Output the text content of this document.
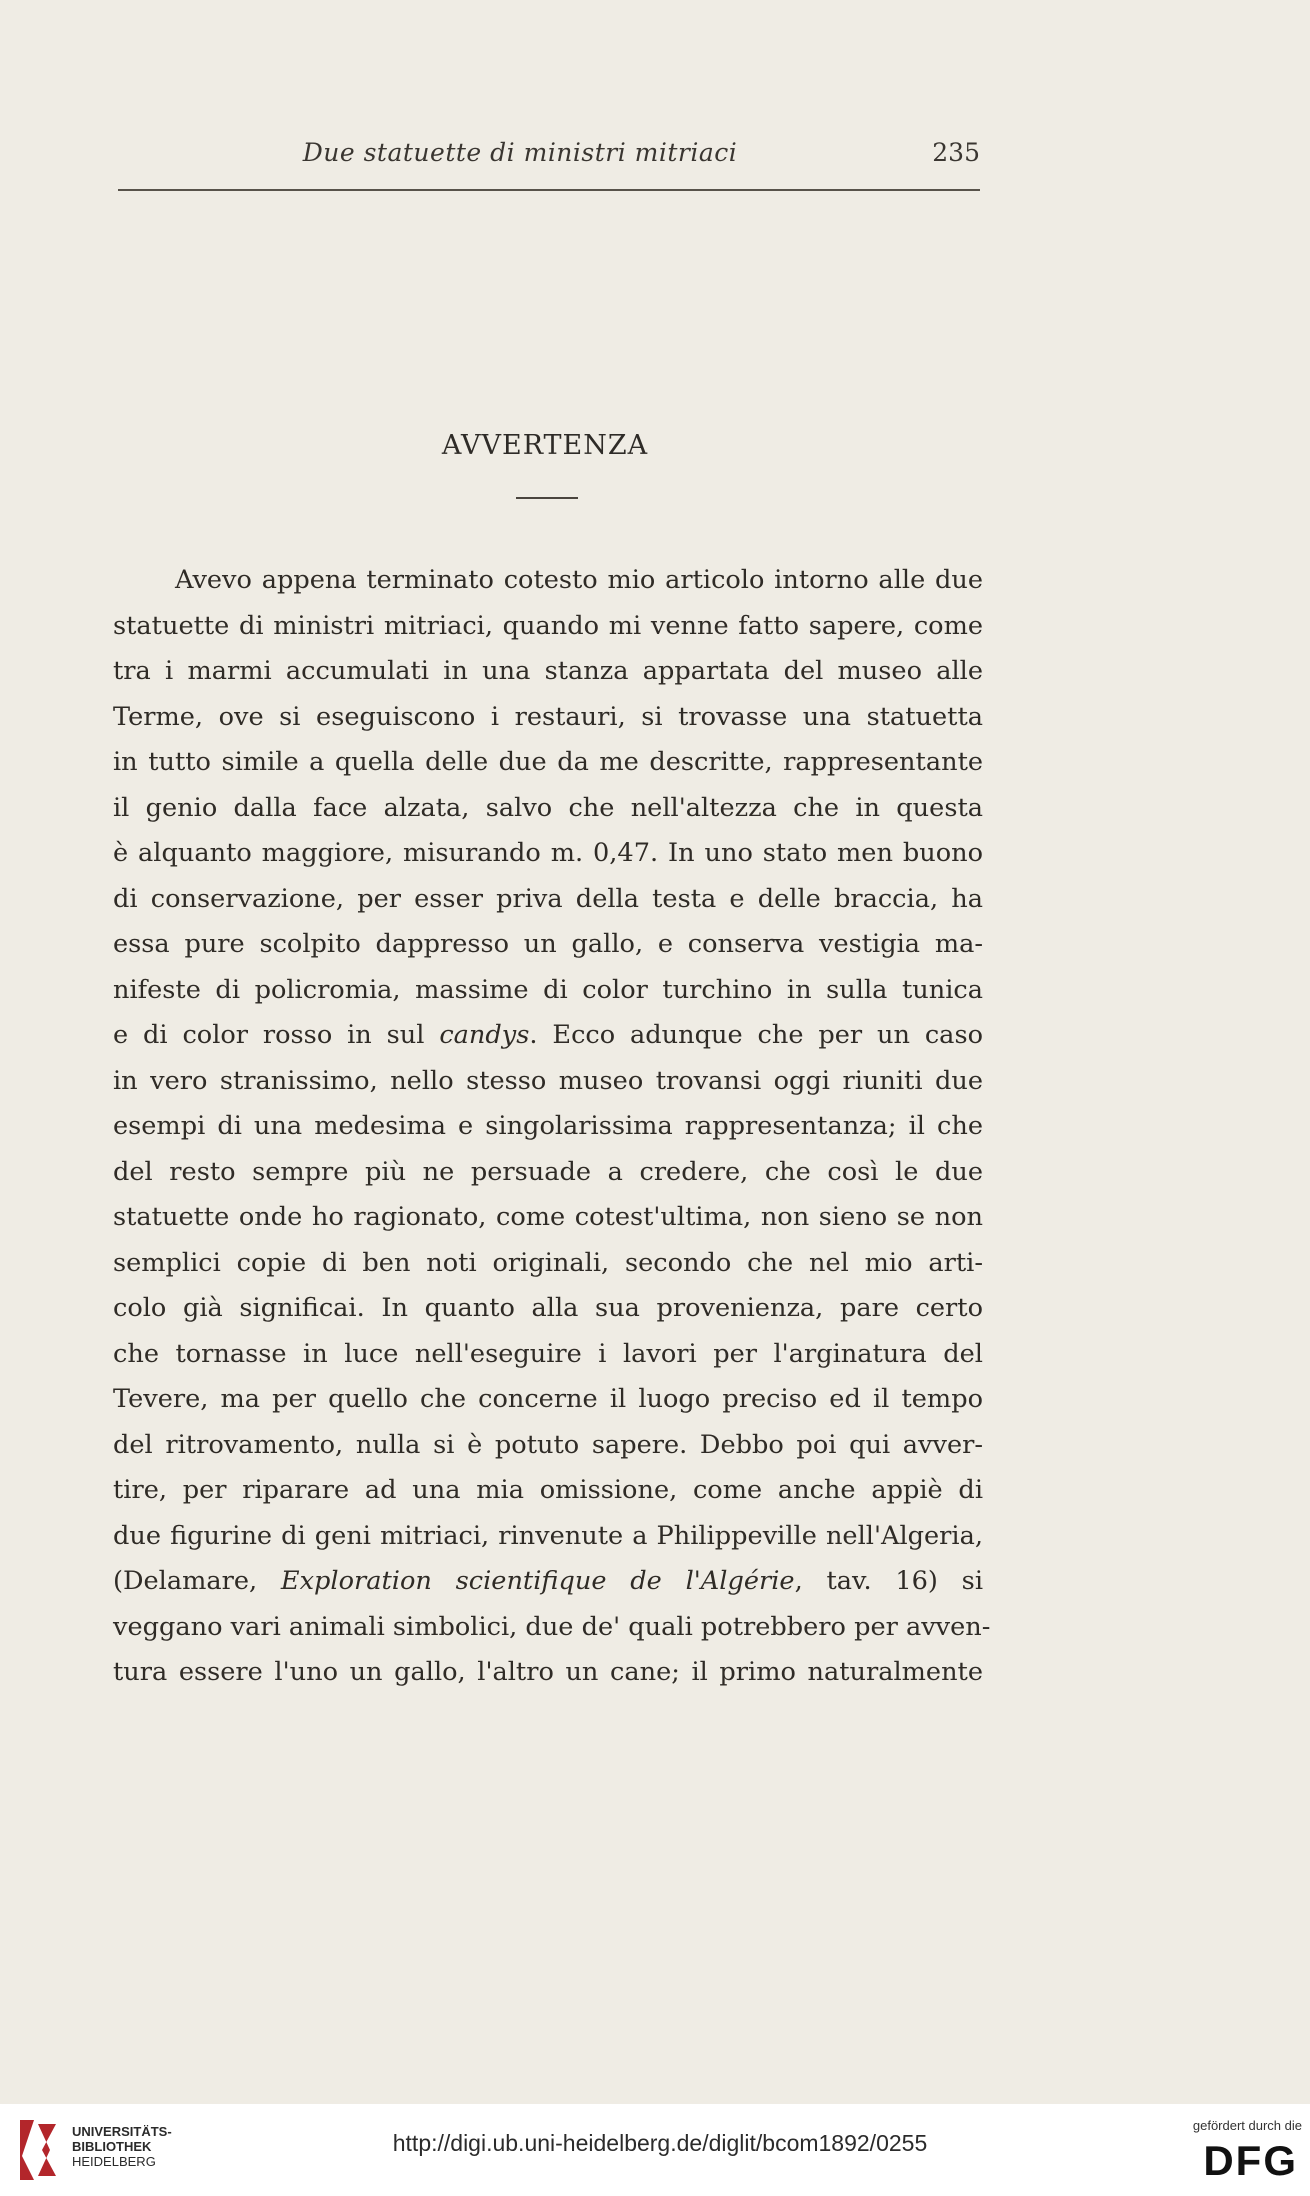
Due statuette di ministri mitriaci	235
AVVERTENZA
Avevo appena terminato cotesto mio articolo intorno alle due
statuette di ministri mitriaci, quando mi venne fatto sapere, come
tra i marmi accumulati in una stanza appartata del museo alle
Terme, ove si eseguiscono i restauri, si trovasse una statuetta
in tutto simile a quella delle due da me descritte, rappresentante
il genio dalla face alzata, salvo che nell'altezza che in questa
è alquanto maggiore, misurando m. 0,47. In uno stato men buono
di conservazione, per esser priva della testa e delle braccia, ha
essa pure scolpito dappresso un gallo, e conserva vestigia ma-
nifeste di policromia, massime di color turchino in sulla tunica
e di color rosso in sul candys. Ecco adunque che per un caso
in vero stranissimo, nello stesso museo trovansi oggi riuniti due
esempi di una medesima e singolarissima rappresentanza; il che
del resto sempre più ne persuade a credere, che così le due
statuette onde ho ragionato, come cotest'ultima, non sieno se non
semplici copie di ben noti originali, secondo che nel mio arti-
colo già significai. In quanto alla sua provenienza, pare certo
che tornasse in luce nell'eseguire i lavori per l'arginatura del
Tevere, ma per quello che concerne il luogo preciso ed il tempo
del ritrovamento, nulla si è potuto sapere. Debbo poi qui avver-
tire, per riparare ad una mia omissione, come anche appiè di
due figurine di geni mitriaci, rinvenute a Philippeville nell'Algeria,
(Delamare, Exploration scientifique de l'Algérie, tav. 16) si
veggano vari animali simbolici, due de' quali potrebbero per avven-
tura essere l'uno un gallo, l'altro un cane; il primo naturalmente
UNIVERSITÄTS-
BIBLIOTHEK
HEIDELBERG
http://digi.ub.uni-heidelberg.de/diglit/bcom1892/0255
gefördert durch die
DFG
